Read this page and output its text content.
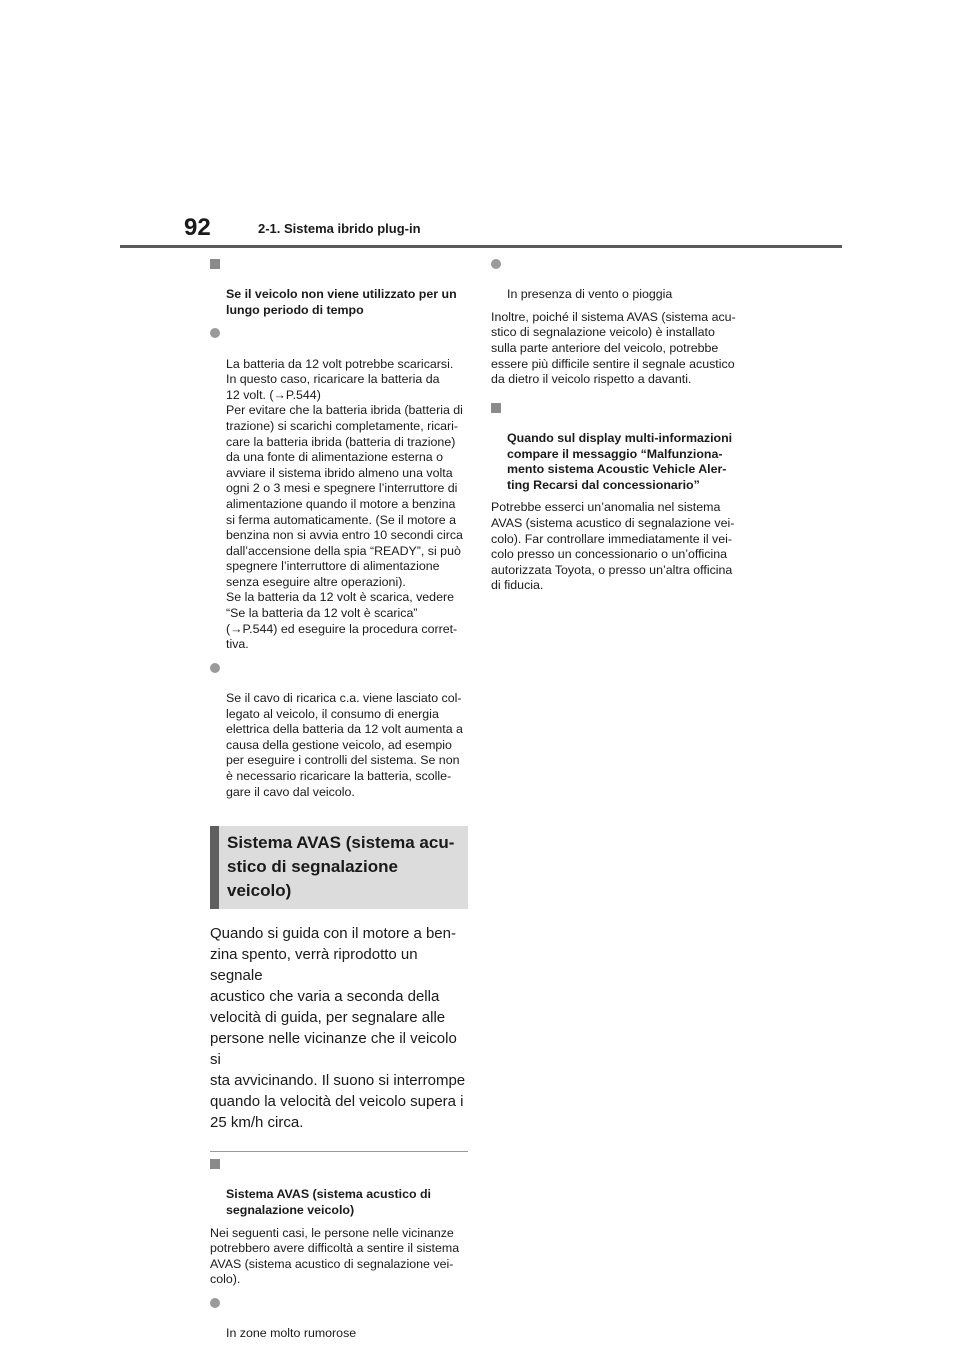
92	2-1. Sistema ibrido plug-in

Se il veicolo non viene utilizzato per un
lungo periodo di tempo

La batteria da 12 volt potrebbe scaricarsi.
In questo caso, ricaricare la batteria da
12 volt. (→P.544)
Per evitare che la batteria ibrida (batteria di
trazione) si scarichi completamente, ricari-
care la batteria ibrida (batteria di trazione)
da una fonte di alimentazione esterna o
avviare il sistema ibrido almeno una volta
ogni 2 o 3 mesi e spegnere l’interruttore di
alimentazione quando il motore a benzina
si ferma automaticamente. (Se il motore a
benzina non si avvia entro 10 secondi circa
dall’accensione della spia “READY”, si può
spegnere l’interruttore di alimentazione
senza eseguire altre operazioni).
Se la batteria da 12 volt è scarica, vedere
“Se la batteria da 12 volt è scarica”
(→P.544) ed eseguire la procedura corret-
tiva.

Se il cavo di ricarica c.a. viene lasciato col-
legato al veicolo, il consumo di energia
elettrica della batteria da 12 volt aumenta a
causa della gestione veicolo, ad esempio
per eseguire i controlli del sistema. Se non
è necessario ricaricare la batteria, scolle-
gare il cavo dal veicolo.

Sistema AVAS (sistema acu-
stico di segnalazione veicolo)
Quando si guida con il motore a ben-
zina spento, verrà riprodotto un segnale
acustico che varia a seconda della
velocità di guida, per segnalare alle
persone nelle vicinanze che il veicolo si
sta avvicinando. Il suono si interrompe
quando la velocità del veicolo supera i
25 km/h circa.

Sistema AVAS (sistema acustico di
segnalazione veicolo)

Nei seguenti casi, le persone nelle vicinanze
potrebbero avere difficoltà a sentire il sistema
AVAS (sistema acustico di segnalazione vei-
colo).

In zone molto rumorose

In presenza di vento o pioggia

Inoltre, poiché il sistema AVAS (sistema acu-
stico di segnalazione veicolo) è installato
sulla parte anteriore del veicolo, potrebbe
essere più difficile sentire il segnale acustico
da dietro il veicolo rispetto a davanti.

Quando sul display multi-informazioni
compare il messaggio “Malfunziona-
mento sistema Acoustic Vehicle Aler-
ting Recarsi dal concessionario”

Potrebbe esserci un’anomalia nel sistema
AVAS (sistema acustico di segnalazione vei-
colo). Far controllare immediatamente il vei-
colo presso un concessionario o un’officina
autorizzata Toyota, o presso un’altra officina
di fiducia.
